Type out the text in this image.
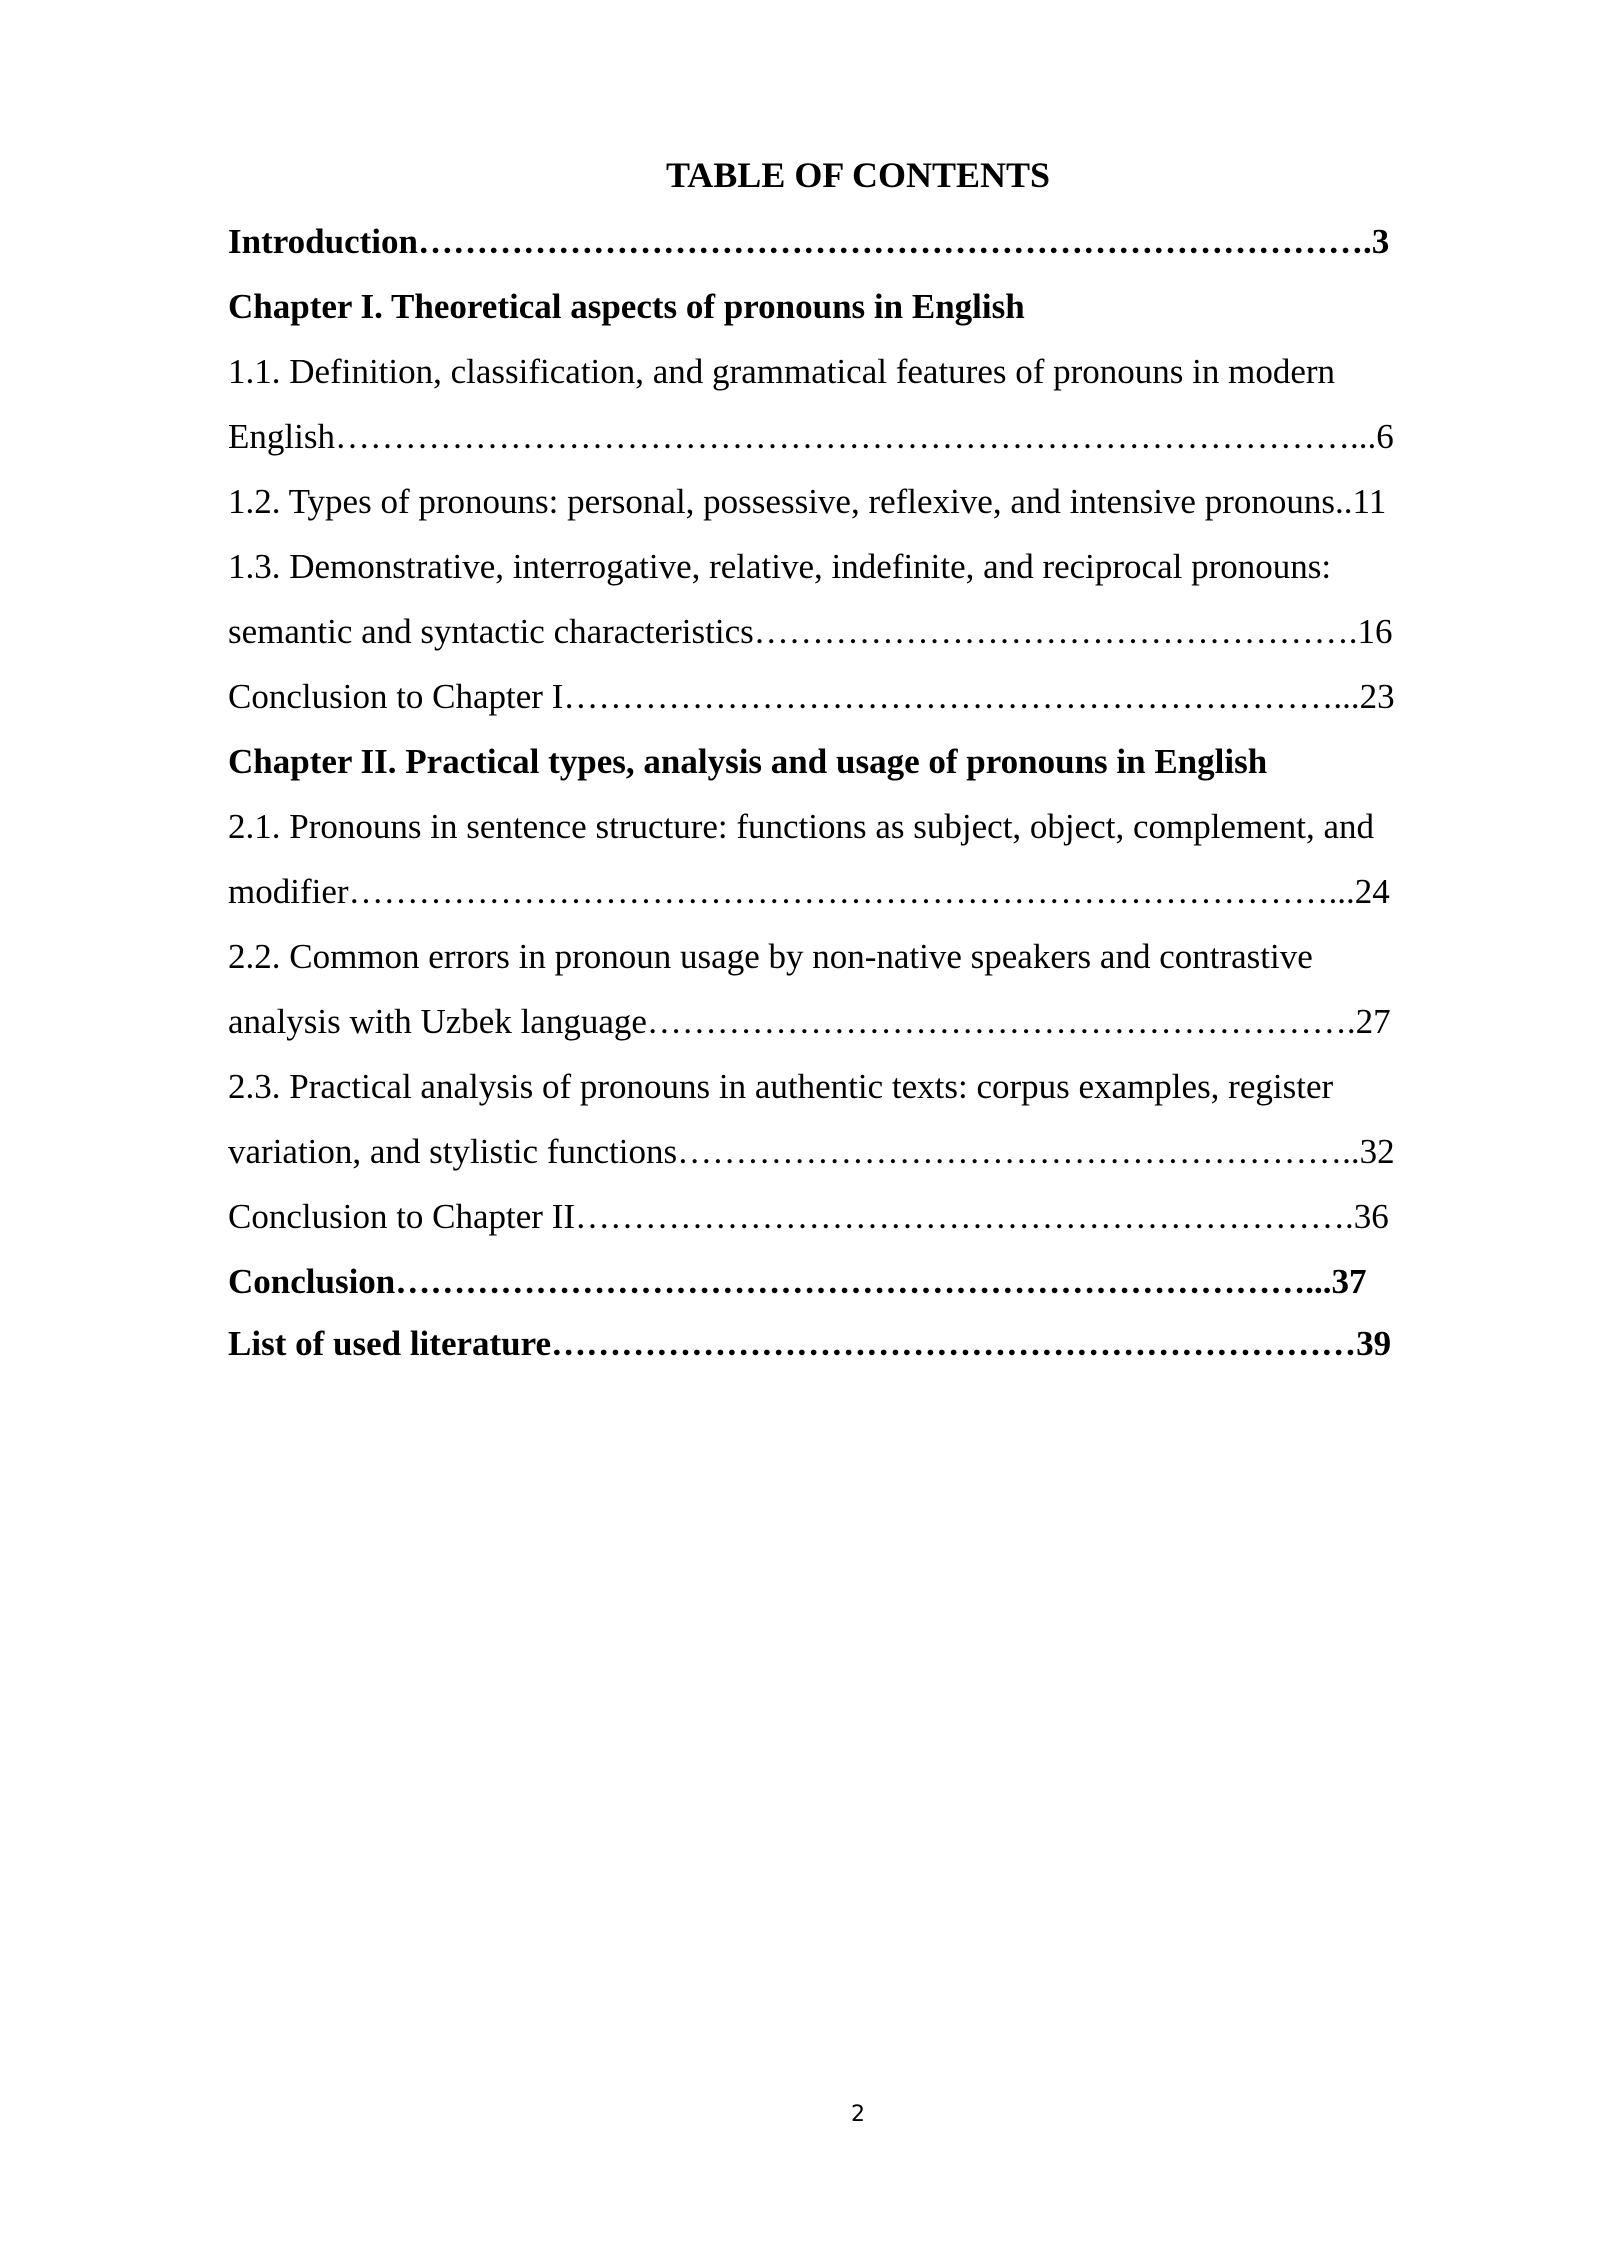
TABLE OF CONTENTS
Introduction……………………………………………………………………….3
Chapter I. Theoretical aspects of pronouns in English
1.1. Definition, classification, and grammatical features of pronouns in modern
English……………………………………………………………………………...6
1.2. Types of pronouns: personal, possessive, reflexive, and intensive pronouns..11
1.3. Demonstrative, interrogative, relative, indefinite, and reciprocal pronouns:
semantic and syntactic characteristics…………………………………………….16
Conclusion to Chapter I…………………………………………………………...23
Chapter II. Practical types, analysis and usage of pronouns in English
2.1. Pronouns in sentence structure: functions as subject, object, complement, and
modifier…………………………………………………………………………...24
2.2. Common errors in pronoun usage by non-native speakers and contrastive
analysis with Uzbek language…………………………………………………….27
2.3. Practical analysis of pronouns in authentic texts: corpus examples, register
variation, and stylistic functions…………………………………………………..32
Conclusion to Chapter II………………………………………………………….36
Conclusion……………………………………………………………………...37
List of used literature……………………………………………………………39
2
